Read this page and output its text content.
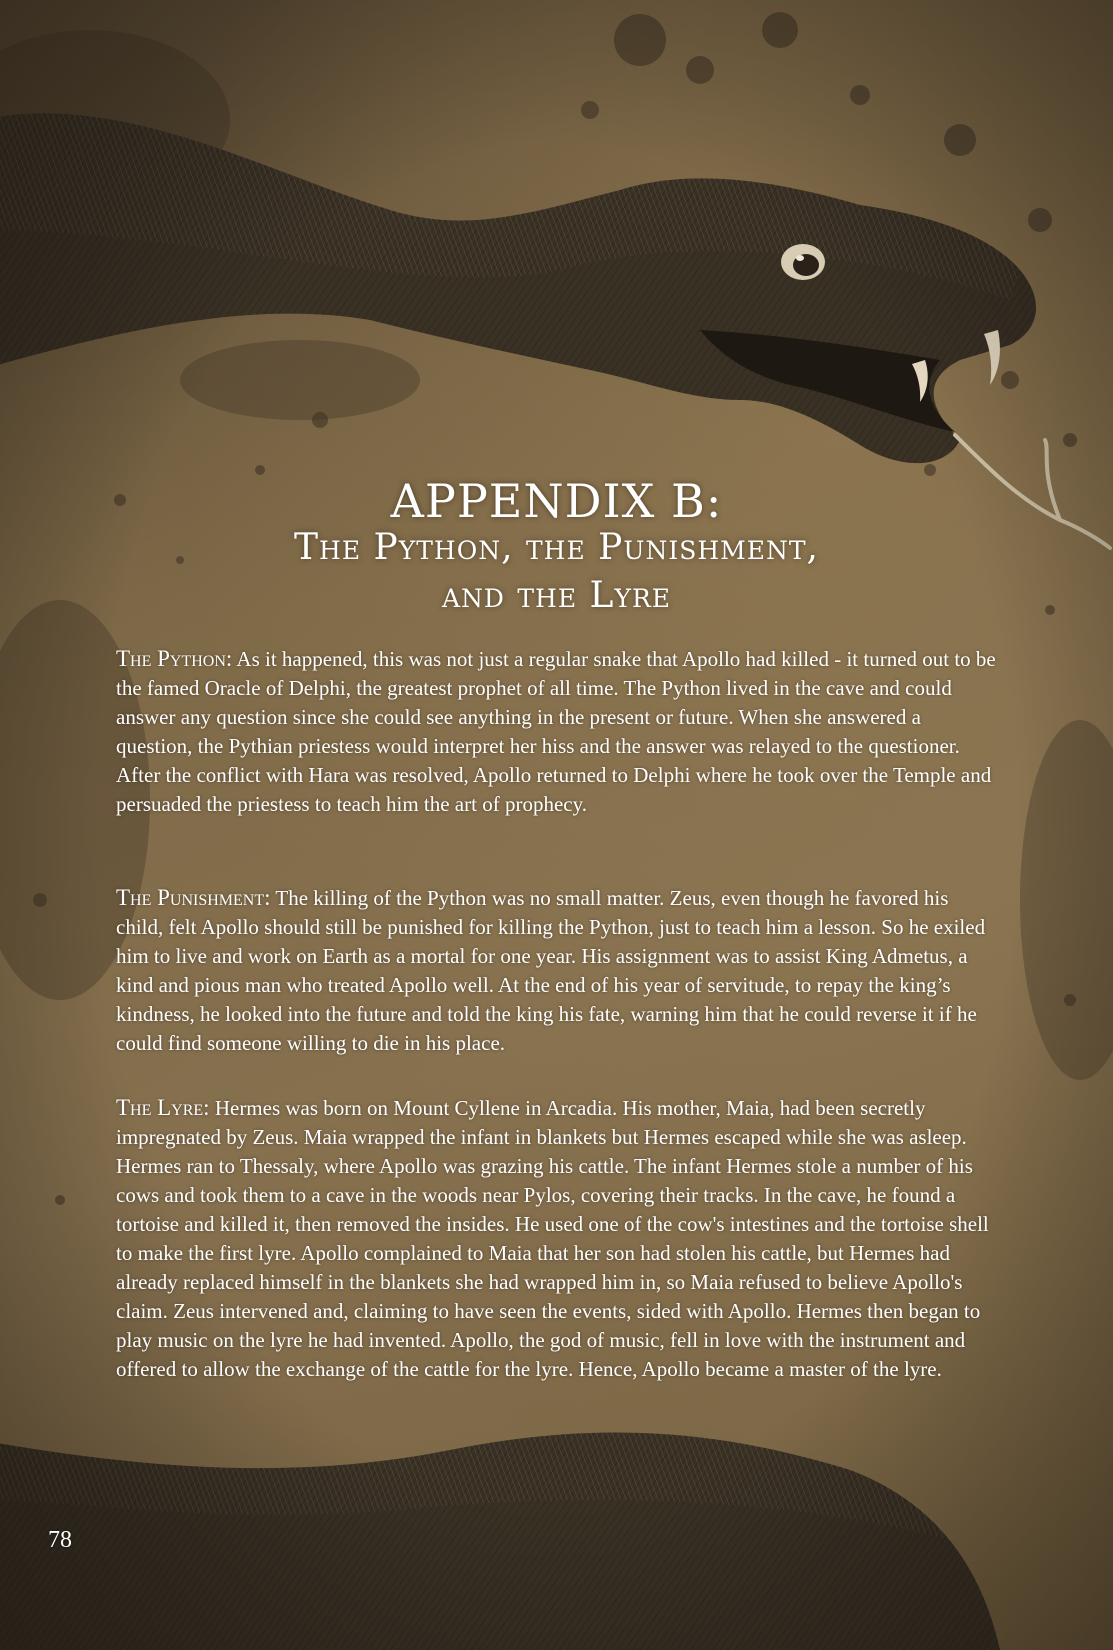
APPENDIX B:
The Python, the Punishment,
and the Lyre

The Python: As it happened, this was not just a regular snake that Apollo had killed - it turned out to be the famed Oracle of Delphi, the greatest prophet of all time. The Python lived in the cave and could answer any question since she could see anything in the present or future. When she answered a question, the Pythian priestess would interpret her hiss and the answer was relayed to the questioner. After the conflict with Hara was resolved, Apollo returned to Delphi where he took over the Temple and persuaded the priestess to teach him the art of prophecy.

The Punishment: The killing of the Python was no small matter. Zeus, even though he favored his child, felt Apollo should still be punished for killing the Python, just to teach him a lesson. So he exiled him to live and work on Earth as a mortal for one year. His assignment was to assist King Admetus, a kind and pious man who treated Apollo well. At the end of his year of servitude, to repay the king’s kindness, he looked into the future and told the king his fate, warning him that he could reverse it if he could find someone willing to die in his place.

The Lyre: Hermes was born on Mount Cyllene in Arcadia. His mother, Maia, had been secretly impregnated by Zeus. Maia wrapped the infant in blankets but Hermes escaped while she was asleep. Hermes ran to Thessaly, where Apollo was grazing his cattle. The infant Hermes stole a number of his cows and took them to a cave in the woods near Pylos, covering their tracks. In the cave, he found a tortoise and killed it, then removed the insides. He used one of the cow's intestines and the tortoise shell to make the first lyre. Apollo complained to Maia that her son had stolen his cattle, but Hermes had already replaced himself in the blankets she had wrapped him in, so Maia refused to believe Apollo's claim. Zeus intervened and, claiming to have seen the events, sided with Apollo. Hermes then began to play music on the lyre he had invented. Apollo, the god of music, fell in love with the instrument and offered to allow the exchange of the cattle for the lyre. Hence, Apollo became a master of the lyre.

78
